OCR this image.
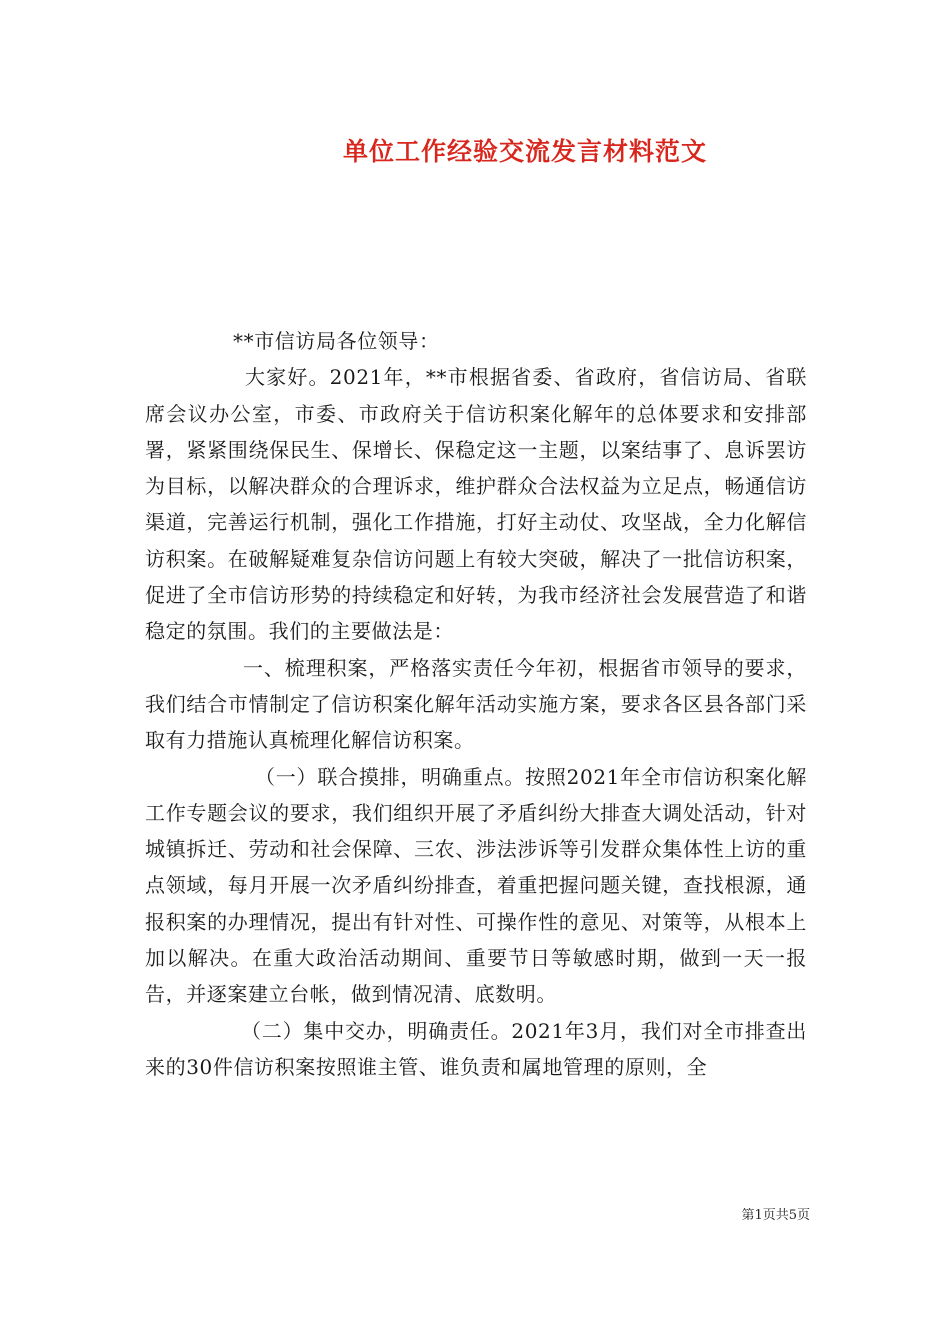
单位工作经验交流发言材料范文

**市信访局各位领导：

大家好。2021年，**市根据省委、省政府，省信访局、省联席会议办公室，市委、市政府关于信访积案化解年的总体要求和安排部署，紧紧围绕保民生、保增长、保稳定这一主题，以案结事了、息诉罢访为目标，以解决群众的合理诉求，维护群众合法权益为立足点，畅通信访渠道，完善运行机制，强化工作措施，打好主动仗、攻坚战，全力化解信访积案。在破解疑难复杂信访问题上有较大突破，解决了一批信访积案，促进了全市信访形势的持续稳定和好转，为我市经济社会发展营造了和谐稳定的氛围。我们的主要做法是：

一、梳理积案，严格落实责任今年初，根据省市领导的要求，我们结合市情制定了信访积案化解年活动实施方案，要求各区县各部门采取有力措施认真梳理化解信访积案。

（一）联合摸排，明确重点。按照2021年全市信访积案化解工作专题会议的要求，我们组织开展了矛盾纠纷大排查大调处活动，针对城镇拆迁、劳动和社会保障、三农、涉法涉诉等引发群众集体性上访的重点领域，每月开展一次矛盾纠纷排查，着重把握问题关键，查找根源，通报积案的办理情况，提出有针对性、可操作性的意见、对策等，从根本上加以解决。在重大政治活动期间、重要节日等敏感时期，做到一天一报告，并逐案建立台帐，做到情况清、底数明。

（二）集中交办，明确责任。2021年3月，我们对全市排查出来的30件信访积案按照谁主管、谁负责和属地管理的原则，全

第1页共5页
